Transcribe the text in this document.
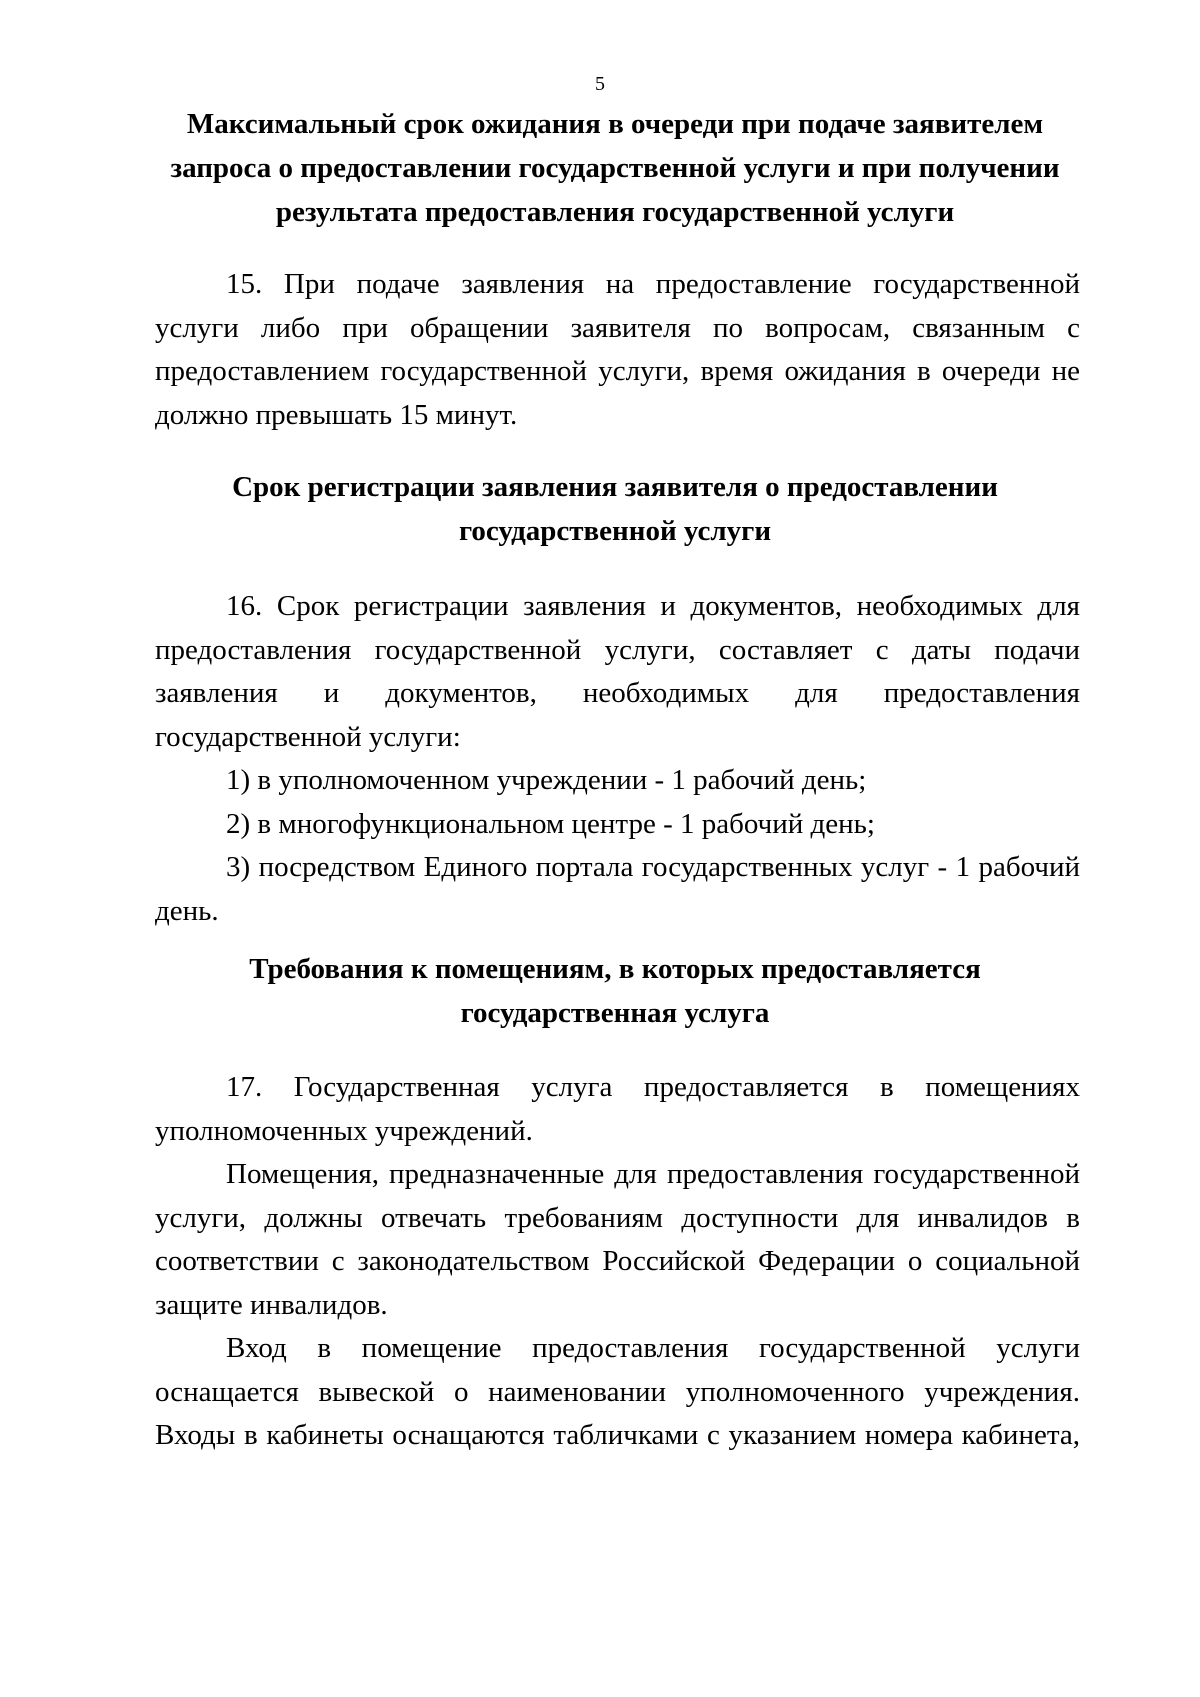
5
Максимальный срок ожидания в очереди при подаче заявителем запроса о предоставлении государственной услуги и при получении результата предоставления государственной услуги

15. При подаче заявления на предоставление государственной услуги либо при обращении заявителя по вопросам, связанным с предоставлением государственной услуги, время ожидания в очереди не должно превышать 15 минут.

Срок регистрации заявления заявителя о предоставлении государственной услуги

16. Срок регистрации заявления и документов, необходимых для предоставления государственной услуги, составляет с даты подачи заявления и документов, необходимых для предоставления государственной услуги:

1) в уполномоченном учреждении - 1 рабочий день;

2) в многофункциональном центре - 1 рабочий день;

3) посредством Единого портала государственных услуг - 1 рабочий день.

Требования к помещениям, в которых предоставляется государственная услуга

17. Государственная услуга предоставляется в помещениях уполномоченных учреждений.

Помещения, предназначенные для предоставления государственной услуги, должны отвечать требованиям доступности для инвалидов в соответствии с законодательством Российской Федерации о социальной защите инвалидов.

Вход в помещение предоставления государственной услуги оснащается вывеской о наименовании уполномоченного учреждения. Входы в кабинеты оснащаются табличками с указанием номера кабинета,
